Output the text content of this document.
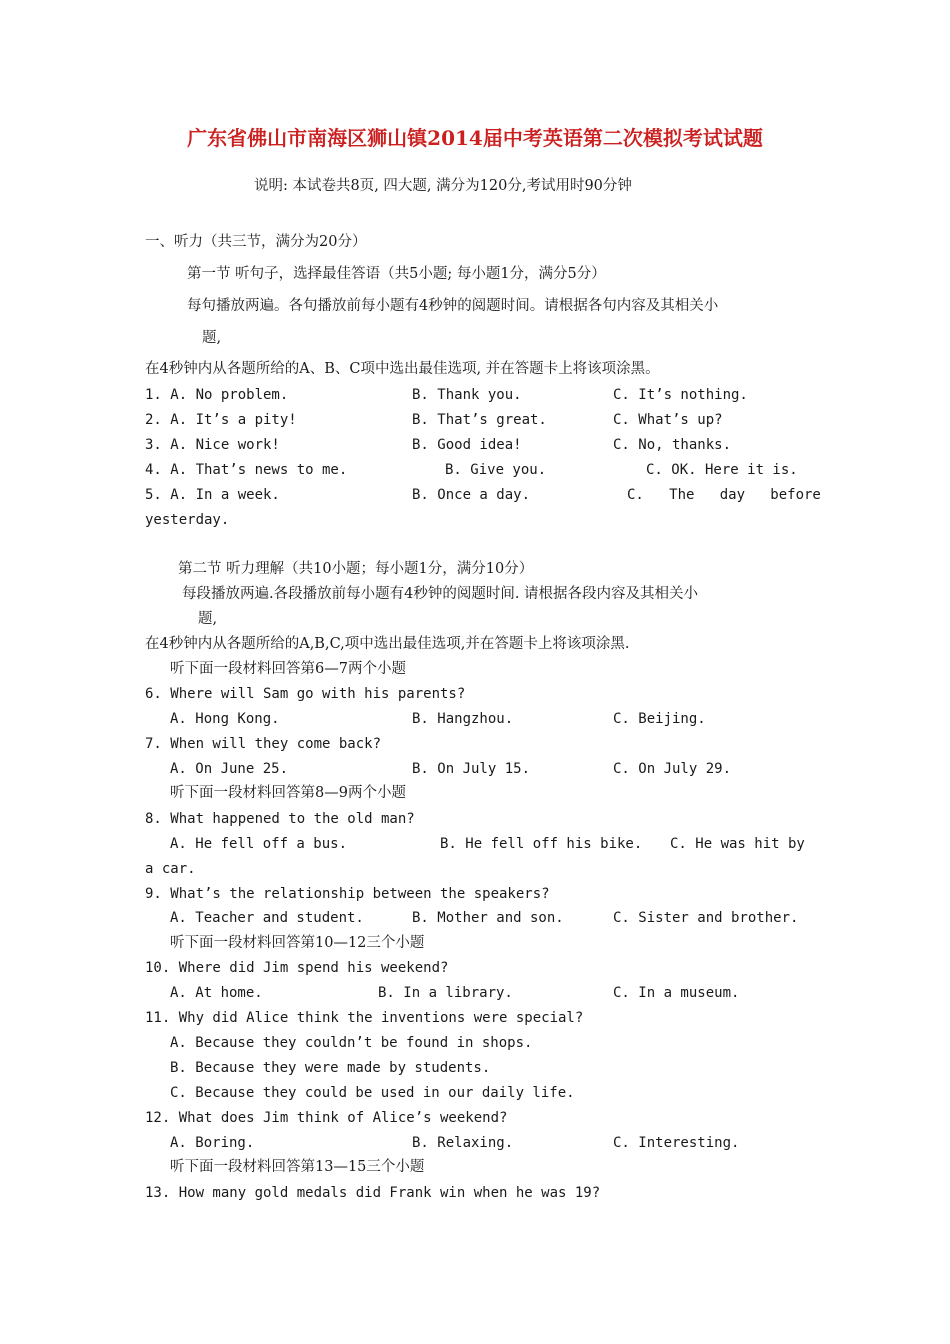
广东省佛山市南海区狮山镇2014届中考英语第二次模拟考试试题
说明: 本试卷共8页, 四大题, 满分为120分,考试用时90分钟
一、听力（共三节，满分为20分）
第一节 听句子，选择最佳答语（共5小题; 每小题1分，满分5分）
每句播放两遍。各句播放前每小题有4秒钟的阅题时间。请根据各句内容及其相关小
题,
在4秒钟内从各题所给的A、B、C项中选出最佳选项, 并在答题卡上将该项涂黑。
1. A. No problem.	B. Thank you.	C. It’s nothing.
2. A. It’s a pity!	B. That’s great.	C. What’s up?
3. A. Nice work!	B. Good idea!	C. No, thanks.
4. A. That’s news to me.	B. Give you.	C. OK. Here it is.
5. A. In a week.	B. Once a day.	C.   The   day   before
yesterday.
第二节 听力理解（共10小题；每小题1分，满分10分）
每段播放两遍.各段播放前每小题有4秒钟的阅题时间. 请根据各段内容及其相关小
题,
在4秒钟内从各题所给的A,B,C,项中选出最佳选项,并在答题卡上将该项涂黑.
听下面一段材料回答第6—7两个小题
6. Where will Sam go with his parents?
A. Hong Kong.	B. Hangzhou.	C. Beijing.
7. When will they come back?
A. On June 25.	B. On July 15.	C. On July 29.
听下面一段材料回答第8—9两个小题
8. What happened to the old man?
A. He fell off a bus.	B. He fell off his bike. C. He was hit by
a car.
9. What’s the relationship between the speakers?
A. Teacher and student.	B. Mother and son.	C. Sister and brother.
听下面一段材料回答第10—12三个小题
10. Where did Jim spend his weekend?
A. At home.	B. In a library.	C. In a museum.
11. Why did Alice think the inventions were special?
A. Because they couldn’t be found in shops.
B. Because they were made by students.
C. Because they could be used in our daily life.
12. What does Jim think of Alice’s weekend?
A. Boring.	B. Relaxing.	C. Interesting.
听下面一段材料回答第13—15三个小题
13. How many gold medals did Frank win when he was 19?
